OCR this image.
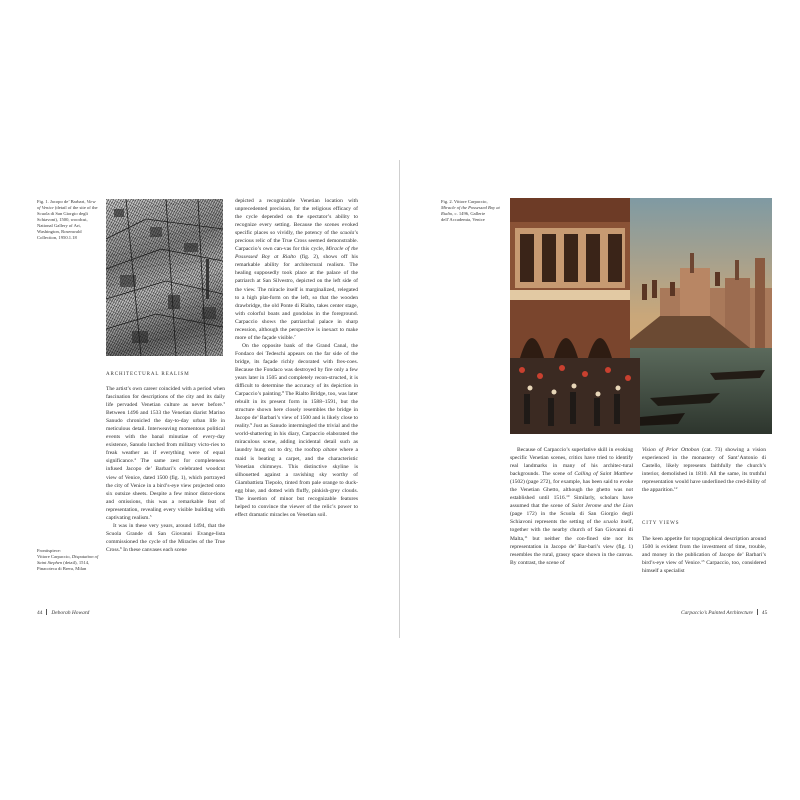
Fig. 1. Jacopo de’ Barbari, View of Venice (detail of the site of the Scuola di San Giorgio degli Schiavoni), 1500, woodcut, National Gallery of Art, Washington, Rosenwald Collection, 1950.1.18
ARCHITECTURAL REALISM

The artist’s own career coincided with a period when fascination for descriptions of the city and its daily life pervaded Venetian culture as never before.$^3$ Between 1496 and 1533 the Venetian diarist Marino Sanudo chronicled the day-to-day urban life in meticulous detail. Interweaving momentous political events with the banal minutiae of every-day existence, Sanudo lurched from military victo-ries to freak weather as if everything were of equal significance.$^4$ The same zest for completeness infused Jacopo de’ Barbari’s celebrated woodcut view of Venice, dated 1500 (fig. 1), which portrayed the city of Venice in a bird’s-eye view projected onto six outsize sheets. Despite a few minor distor-tions and omissions, this was a remarkable feat of representation, revealing every visible building with captivating realism.$^5$

It was in these very years, around 1494, that the Scuola Grande di San Giovanni Evange-lista commissioned the cycle of the Miracles of the True Cross.$^6$ In these canvases each scene

Frontispiece:
Vittore Carpaccio, Disputation of Saint Stephen (detail), 1514, Pinacoteca di Brera, Milan

depicted a recognizable Venetian location with unprecedented precision, for the religious efficacy of the cycle depended on the spectator’s ability to recognize every setting. Because the scenes evoked specific places so vividly, the potency of the scuola’s precious relic of the True Cross seemed demonstrable. Carpaccio’s own can-vas for this cycle, Miracle of the Possessed Boy at Rialto (fig. 2), shows off his remarkable ability for architectural realism. The healing supposedly took place at the palace of the patriarch at San Silvestro, depicted on the left side of the view. The miracle itself is marginalized, relegated to a high plat-form on the left, so that the wooden drawbridge, the old Ponte di Rialto, takes center stage, with colorful boats and gondolas in the foreground. Carpaccio shows the patriarchal palace in sharp recession, although the perspective is inexact to make more of the façade visible.$^7$

On the opposite bank of the Grand Canal, the Fondaco dei Tedeschi appears on the far side of the bridge, its façade richly decorated with fres-coes. Because the Fondaco was destroyed by fire only a few years later in 1505 and completely recon-structed, it is difficult to determine the accuracy of its depiction in Carpaccio’s painting.$^8$ The Rialto Bridge, too, was later rebuilt in its present form in 1588–1591, but the structure shown here closely resembles the bridge in Jacopo de’ Barbari’s view of 1500 and is likely close to reality.$^9$ Just as Sanudo intermingled the trivial and the world-shattering in his diary, Carpaccio elaborated the miraculous scene, adding incidental detail such as laundry hung out to dry, the rooftop altane where a maid is beating a carpet, and the characteristic Venetian chimneys. This distinctive skyline is silhouetted against a ravishing sky worthy of Giambattista Tiepolo, tinted from pale orange to duck-egg blue, and dotted with fluffy, pinkish-grey clouds. The insertion of minor but recognizable features helped to convince the viewer of the relic’s power to effect dramatic miracles on Venetian soil.

44 Deborah Howard
Fig. 2. Vittore Carpaccio, Miracle of the Possessed Boy at Rialto, c. 1496, Gallerie dell’Accademia, Venice

Because of Carpaccio’s superlative skill in evoking specific Venetian scenes, critics have tried to identify real landmarks in many of his architec-tural backgrounds. The scene of Calling of Saint Matthew (1502) (page 272), for example, has been said to evoke the Venetian Ghetto, although the ghetto was not established until 1516.10 Similarly, scholars have assumed that the scene of Saint Jerome and the Lion (page 172) in the Scuola di San Giorgio degli Schiavoni represents the setting of the scuola itself, together with the nearby church of San Giovanni di Malta,$^{11}$ but neither the con-fined site nor its representation in Jacopo de’ Bar-bari’s view (fig. 1) resembles the rural, grassy space shown in the canvas. By contrast, the scene of

Vision of Prior Ottobon (cat. 73) showing a vision experienced in the monastery of Sant’Antonio di Castello, likely represents faithfully the church’s interior, demolished in 1810. All the same, its truthful representation would have underlined the cred-ibility of the apparition.$^{12}$

CITY VIEWS

The keen appetite for topographical description around 1500 is evident from the investment of time, trouble, and money in the publication of Jacopo de’ Barbari’s bird’s-eye view of Venice.$^{13}$ Carpaccio, too, considered himself a specialist

Carpaccio’s Painted Architecture 45
